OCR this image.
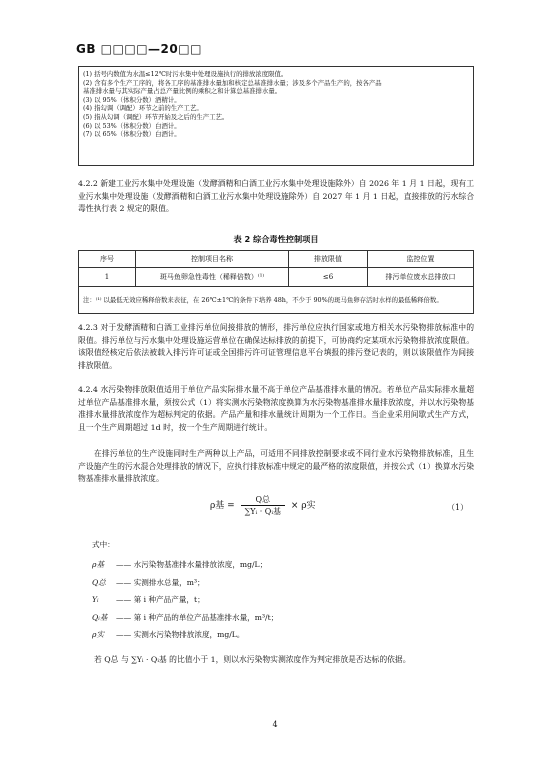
GB □□□□—20□□
(1) 括号内数值为水温≤12℃时污水集中处理设施执行的排放浓度限值。
(2) 含有多个生产工序的，将各工序的基准排水量加和核定总基准排水量；涉及多个产品生产的，按各产品
基准排水量与其实际产量占总产量比例的乘积之和计算总基准排水量。
(3) 以 95%（体积分数）酒精计。
(4) 指勾调（调配）环节之前的生产工艺。
(5) 指从勾调（调配）环节开始及之后的生产工艺。
(6) 以 53%（体积分数）白酒计。
(7) 以 65%（体积分数）白酒计。
4.2.2 新建工业污水集中处理设施（发酵酒精和白酒工业污水集中处理设施除外）自 2026 年 1 月 1 日起，现有工业污水集中处理设施（发酵酒精和白酒工业污水集中处理设施除外）自 2027 年 1 月 1 日起，直接排放的污水综合毒性执行表 2 规定的限值。
表 2 综合毒性控制项目
序号	控制项目名称	排放限值	监控位置
1	斑马鱼卵急性毒性（稀释倍数）⁽¹⁾	≤6	排污单位废水总排放口
注：⁽¹⁾ 以最低无效应稀释倍数来表征，在 26℃±1℃的条件下培养 48h，不少于 90%的斑马鱼卵存活时水样的最低稀释倍数。			
4.2.3 对于发酵酒精和白酒工业排污单位间接排放的情形，排污单位应执行国家或地方相关水污染物排放标准中的限值。排污单位与污水集中处理设施运营单位在确保达标排放的前提下，可协商约定某项水污染物排放浓度限值。该限值经核定后依法被载入排污许可证或全国排污许可证管理信息平台填报的排污登记表的，则以该限值作为间接排放限值。
4.2.4 水污染物排放限值适用于单位产品实际排水量不高于单位产品基准排水量的情况。若单位产品实际排水量超过单位产品基准排水量，须按公式（1）将实测水污染物浓度换算为水污染物基准排水量排放浓度，并以水污染物基准排水量排放浓度作为超标判定的依据。产品产量和排水量统计周期为一个工作日。当企业采用间歇式生产方式，且一个生产周期超过 1d 时，按一个生产周期进行统计。
在排污单位的生产设施同时生产两种以上产品，可适用不同排放控制要求或不同行业水污染物排放标准，且生产设施产生的污水混合处理排放的情况下，应执行排放标准中规定的最严格的浓度限值，并按公式（1）换算水污染物基准排水量排放浓度。
ρ基 = $\frac{\text{Q总}}{\text{∑Yᵢ · Qᵢ基}} \times \rho$实	（1）
式中：
ρ基 —— 水污染物基准排水量排放浓度，mg/L；
Q总 —— 实测排水总量，m³；
Yᵢ —— 第 i 种产品产量，t；
Qᵢ基 —— 第 i 种产品的单位产品基准排水量，m³/t；
ρ实 —— 实测水污染物排放浓度，mg/L。
若 Q总 与 ∑Yᵢ · Qᵢ基 的比值小于 1，则以水污染物实测浓度作为判定排放是否达标的依据。
4
